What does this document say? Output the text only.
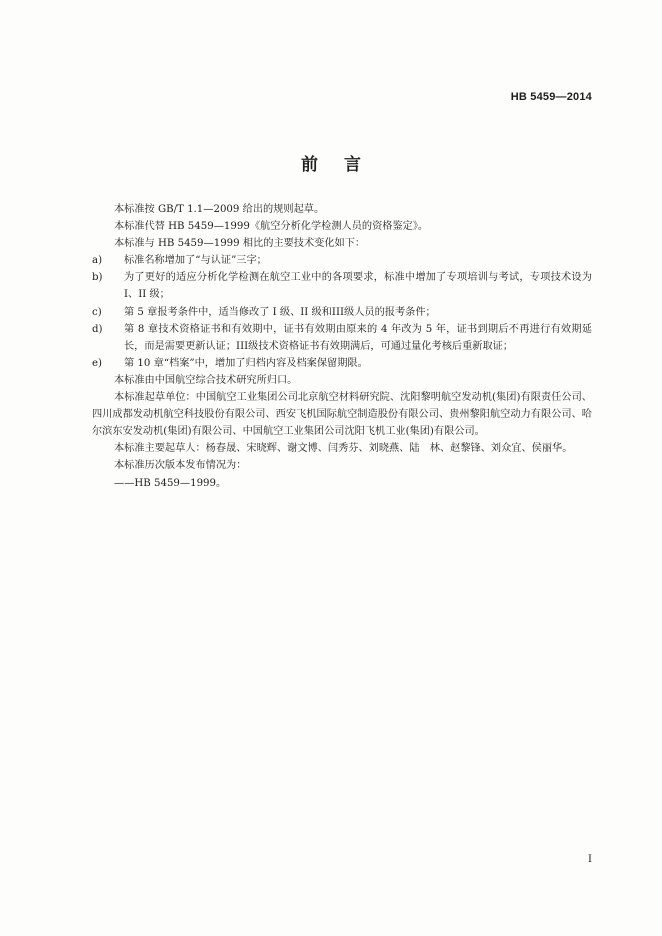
HB 5459—2014
前言

本标准按 GB/T 1.1—2009 给出的规则起草。

本标准代替 HB 5459—1999《航空分析化学检测人员的资格鉴定》。

本标准与 HB 5459—1999 相比的主要技术变化如下：

a)	标准名称增加了“与认证”三字；
b)	为了更好的适应分析化学检测在航空工业中的各项要求，标准中增加了专项培训与考试，专项技术设为 I、II 级；
c)	第 5 章报考条件中，适当修改了 I 级、II 级和III级人员的报考条件；
d)	第 8 章技术资格证书和有效期中，证书有效期由原来的 4 年改为 5 年，证书到期后不再进行有效期延长，而是需要更新认证；III级技术资格证书有效期满后，可通过量化考核后重新取证；
e)	第 10 章“档案”中，增加了归档内容及档案保留期限。

本标准由中国航空综合技术研究所归口。

本标准起草单位：中国航空工业集团公司北京航空材料研究院、沈阳黎明航空发动机(集团)有限责任公司、四川成都发动机航空科技股份有限公司、西安飞机国际航空制造股份有限公司、贵州黎阳航空动力有限公司、哈尔滨东安发动机(集团)有限公司、中国航空工业集团公司沈阳飞机工业(集团)有限公司。

本标准主要起草人：杨春晟、宋晓辉、谢文博、闫秀芬、刘晓燕、陆　林、赵黎锋、刘众宜、侯丽华。

本标准历次版本发布情况为：

——HB 5459—1999。

I
